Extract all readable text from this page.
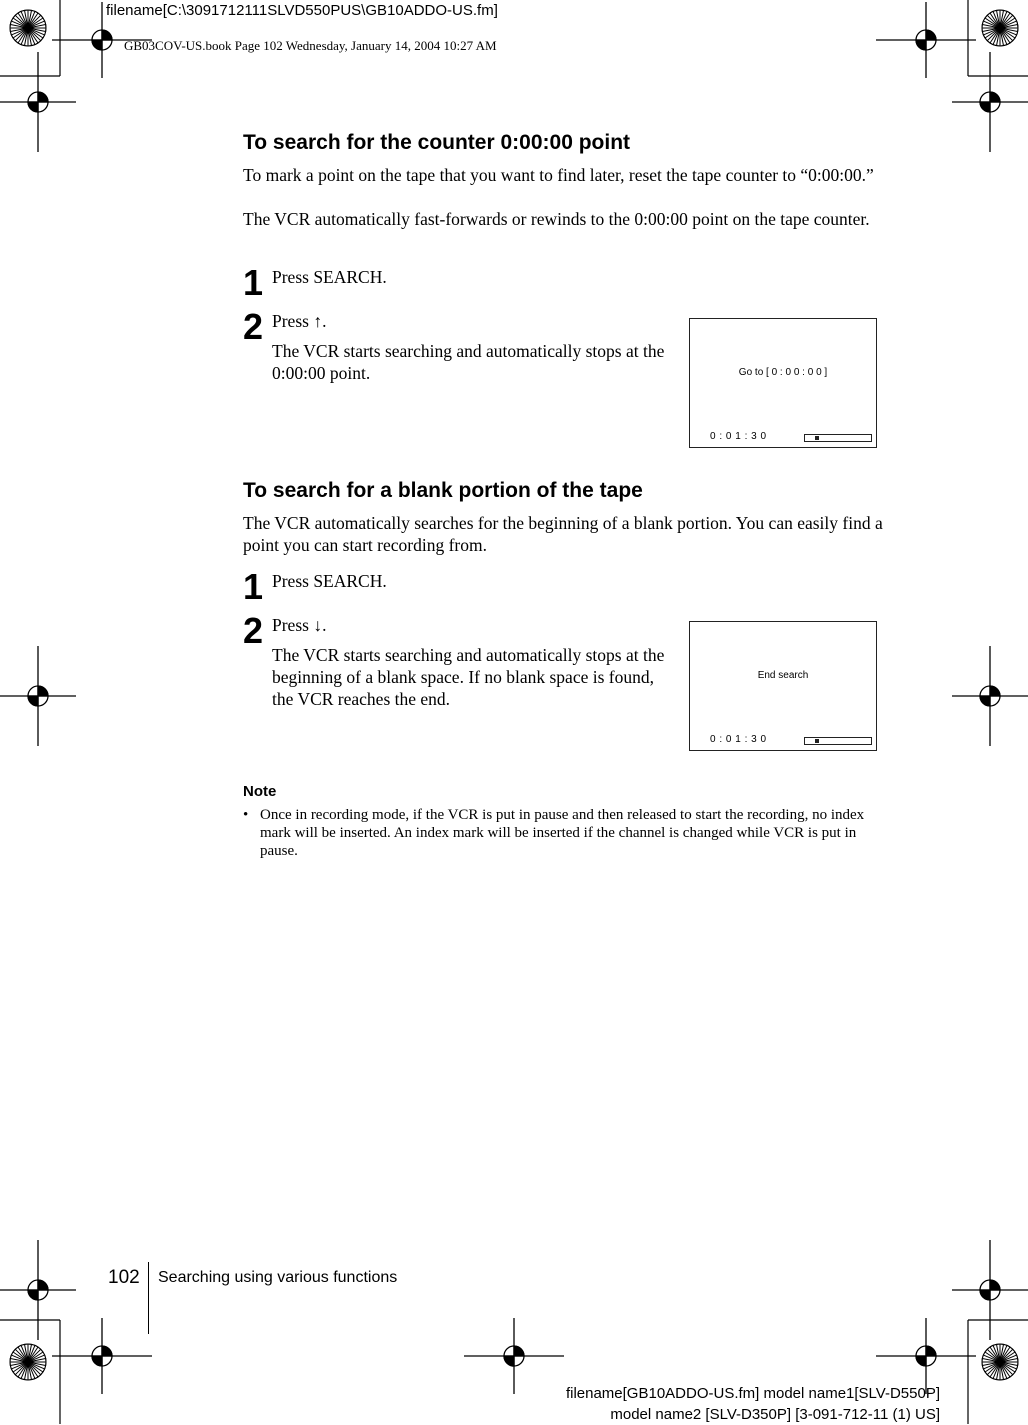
filename[C:\3091712111SLVD550PUS\GB10ADDO-US.fm]
GB03COV-US.book Page 102 Wednesday, January 14, 2004 10:27 AM
To search for the counter 0:00:00 point

To mark a point on the tape that you want to find later, reset the tape counter to “0:00:00.”

The VCR automatically fast-forwards or rewinds to the 0:00:00 point on the tape counter.

1 Press SEARCH.

2 Press ↑.

The VCR starts searching and automatically stops at the 0:00:00 point.	Go to [ 0 : 0 0 : 0 0 ]
0 : 0 1 : 3 0
To search for a blank portion of the tape

The VCR automatically searches for the beginning of a blank portion. You can easily find a point you can start recording from.

1 Press SEARCH.

2 Press ↓.

The VCR starts searching and automatically stops at the beginning of a blank space. If no blank space is found, the VCR reaches the end.

End search
0 : 0 1 : 3 0
Note
• Once in recording mode, if the VCR is put in pause and then released to start the recording, no index mark will be inserted. An index mark will be inserted if the channel is changed while VCR is put in pause.
102 Searching using various functions
filename[GB10ADDO-US.fm] model name1[SLV-D550P]
model name2 [SLV-D350P] [3-091-712-11 (1) US]
